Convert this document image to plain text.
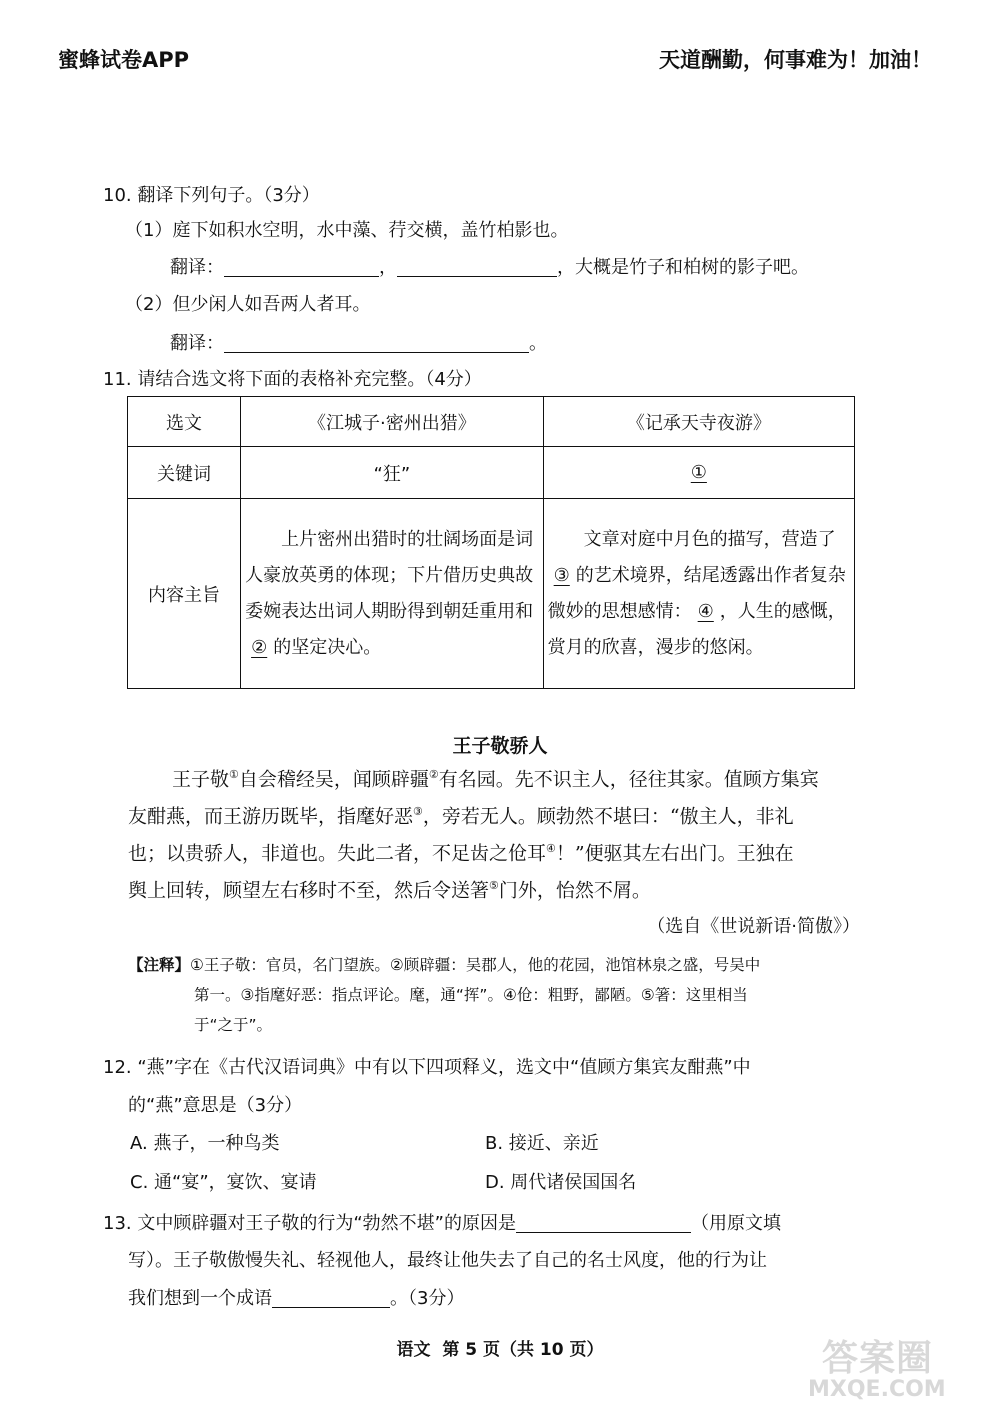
蜜蜂试卷APP	天道酬勤，何事难为！加油！
10. 翻译下列句子。（3分）
（1）庭下如积水空明，水中藻、荇交横，盖竹柏影也。
翻译：	，	，大概是竹子和柏树的影子吧。
（2）但少闲人如吾两人者耳。
翻译：	。
11. 请结合选文将下面的表格补充完整。（4分）
选文	《江城子·密州出猎》	《记承天寺夜游》
关键词	“狂”	①
内容主旨	上片密州出猎时的壮阔场面是词人豪放英勇的体现；下片借历史典故委婉表达出词人期盼得到朝廷重用和② 的坚定决心。	文章对庭中月色的描写，营造了③ 的艺术境界，结尾透露出作者复杂微妙的思想感情： ④ ，人生的感慨，赏月的欣喜，漫步的悠闲。
王子敬骄人
王子敬①自会稽经吴，闻顾辟疆②有名园。先不识主人，径往其家。值顾方集宾
友酣燕，而王游历既毕，指麾好恶③，旁若无人。顾勃然不堪曰：“傲主人，非礼
也；以贵骄人，非道也。失此二者，不足齿之伧耳④！”便驱其左右出门。王独在
舆上回转，顾望左右移时不至，然后令送箸⑤门外，怡然不屑。
（选自《世说新语·简傲》）
【注释】①王子敬：官员，名门望族。②顾辟疆：吴郡人，他的花园，池馆林泉之盛，号吴中
第一。③指麾好恶：指点评论。麾，通“挥”。④伧：粗野，鄙陋。⑤箸：这里相当
于“之于”。
12. “燕”字在《古代汉语词典》中有以下四项释义，选文中“值顾方集宾友酣燕”中
的“燕”意思是（3分）
A. 燕子，一种鸟类	B. 接近、亲近
C. 通“宴”，宴饮、宴请	D. 周代诸侯国国名
13. 文中顾辟疆对王子敬的行为“勃然不堪”的原因是	（用原文填
写）。王子敬傲慢失礼、轻视他人，最终让他失去了自己的名士风度，他的行为让
我们想到一个成语	。（3分）
语文  第 5 页（共 10 页）	答案圈
MXQE.COM
